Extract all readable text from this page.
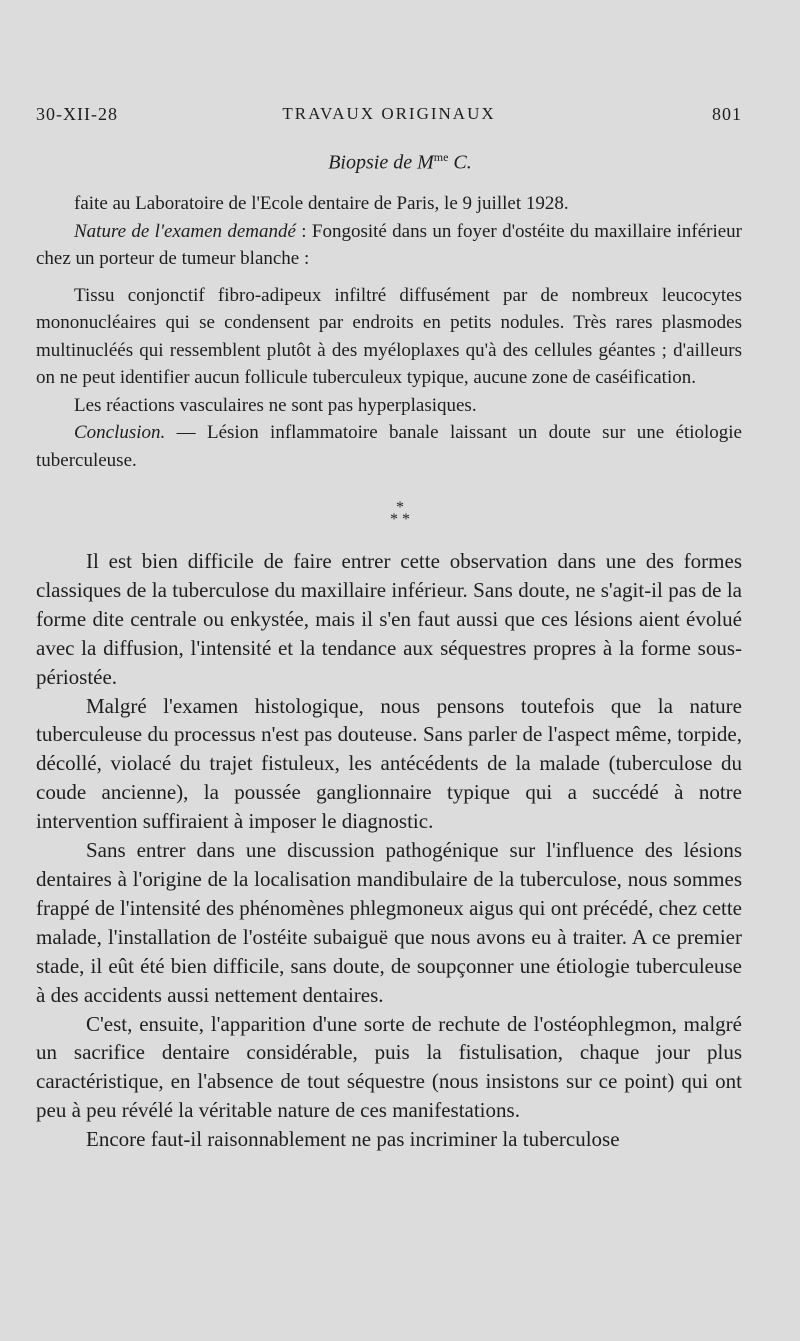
30-XII-28	TRAVAUX ORIGINAUX	801
Biopsie de $M^{me}$ C.

faite au Laboratoire de l'Ecole dentaire de Paris, le 9 juillet 1928.

Nature de l'examen demandé : Fongosité dans un foyer d'ostéite du maxillaire inférieur chez un porteur de tumeur blanche :

Tissu conjonctif fibro-adipeux infiltré diffusément par de nombreux leucocytes mononucléaires qui se condensent par endroits en petits nodules. Très rares plasmodes multinucléés qui ressemblent plutôt à des myéloplaxes qu'à des cellules géantes ; d'ailleurs on ne peut identifier aucun follicule tuberculeux typique, aucune zone de caséification.

Les réactions vasculaires ne sont pas hyperplasiques.

Conclusion. — Lésion inflammatoire banale laissant un doute sur une étiologie tuberculeuse.

*
* *

Il est bien difficile de faire entrer cette observation dans une des formes classiques de la tuberculose du maxillaire inférieur. Sans doute, ne s'agit-il pas de la forme dite centrale ou enkystée, mais il s'en faut aussi que ces lésions aient évolué avec la diffusion, l'intensité et la tendance aux séquestres propres à la forme sous-périostée.

Malgré l'examen histologique, nous pensons toutefois que la nature tuberculeuse du processus n'est pas douteuse. Sans parler de l'aspect même, torpide, décollé, violacé du trajet fistuleux, les antécédents de la malade (tuberculose du coude ancienne), la poussée ganglionnaire typique qui a succédé à notre intervention suffiraient à imposer le diagnostic.

Sans entrer dans une discussion pathogénique sur l'influence des lésions dentaires à l'origine de la localisation mandibulaire de la tuberculose, nous sommes frappé de l'intensité des phénomènes phlegmoneux aigus qui ont précédé, chez cette malade, l'installation de l'ostéite subaiguë que nous avons eu à traiter. A ce premier stade, il eût été bien difficile, sans doute, de soupçonner une étiologie tuberculeuse à des accidents aussi nettement dentaires.

C'est, ensuite, l'apparition d'une sorte de rechute de l'ostéophlegmon, malgré un sacrifice dentaire considérable, puis la fistulisation, chaque jour plus caractéristique, en l'absence de tout séquestre (nous insistons sur ce point) qui ont peu à peu révélé la véritable nature de ces manifestations.

Encore faut-il raisonnablement ne pas incriminer la tuberculose
